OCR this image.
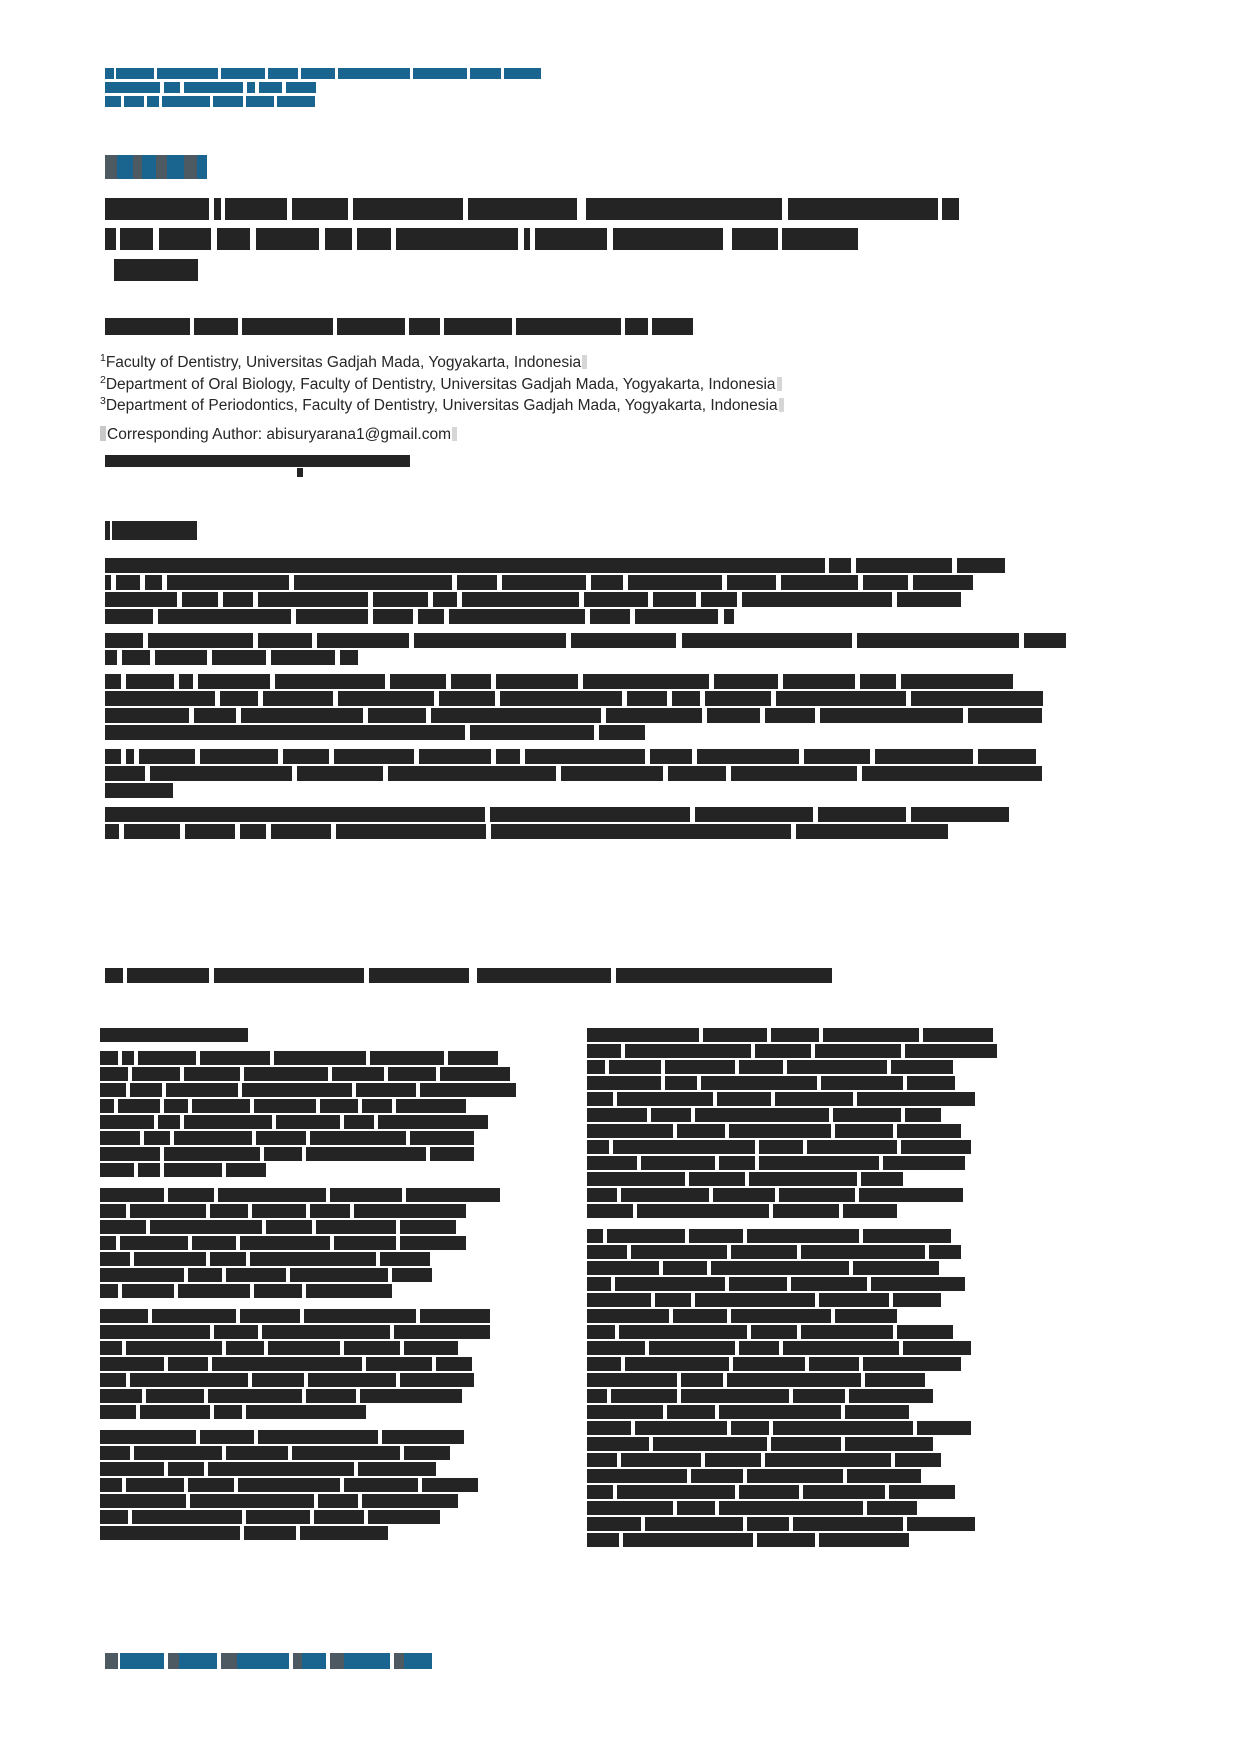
$^1$Faculty of Dentistry, Universitas Gadjah Mada, Yogyakarta, Indonesia
$^2$Department of Oral Biology, Faculty of Dentistry, Universitas Gadjah Mada, Yogyakarta, Indonesia
$^3$Department of Periodontics, Faculty of Dentistry, Universitas Gadjah Mada, Yogyakarta, Indonesia
Corresponding Author: abisuryarana1@gmail.com
